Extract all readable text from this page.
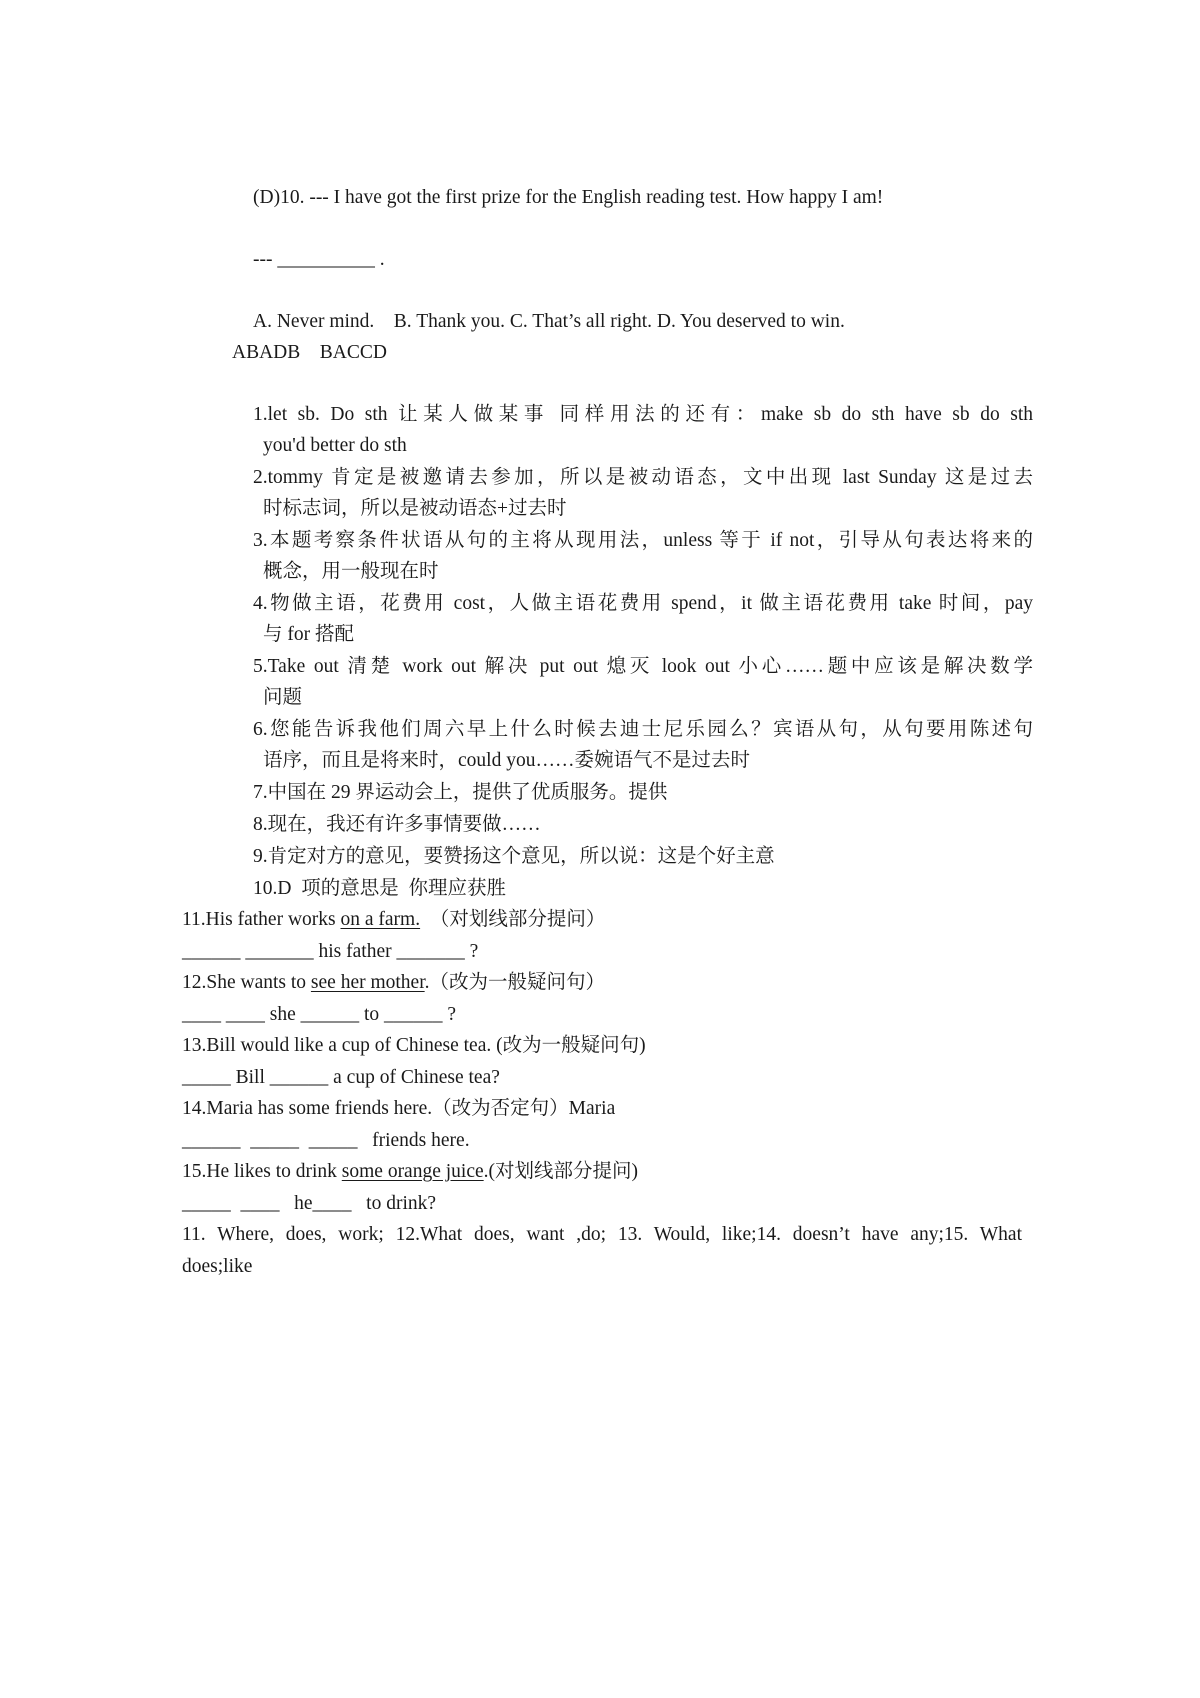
(D)10. --- I have got the first prize for the English reading test. How happy I am!
--- __________ .
A. Never mind.    B. Thank you. C. That’s all right. D. You deserved to win.
ABADB    BACCD
1.let sb. Do sth 让某人做某事 同样用法的还有：make sb do sth have sb do sth
you'd better do sth
2.tommy 肯定是被邀请去参加，所以是被动语态，文中出现 last Sunday 这是过去
时标志词，所以是被动语态+过去时
3.本题考察条件状语从句的主将从现用法，unless 等于 if not，引导从句表达将来的
概念，用一般现在时
4.物做主语，花费用 cost，人做主语花费用 spend，it 做主语花费用 take 时间，pay
与 for 搭配
5.Take out 清楚 work out 解决 put out 熄灭 look out 小心……题中应该是解决数学
问题
6.您能告诉我他们周六早上什么时候去迪士尼乐园么？宾语从句，从句要用陈述句
语序，而且是将来时，could you……委婉语气不是过去时
7.中国在 29 界运动会上，提供了优质服务。提供
8.现在，我还有许多事情要做……
9.肯定对方的意见，要赞扬这个意见，所以说：这是个好主意
10.D  项的意思是  你理应获胜
11.His father works on a farm.  （对划线部分提问）
______ _______ his father _______ ?
12.She wants to see her mother.（改为一般疑问句）
____ ____ she ______ to ______ ?
13.Bill would like a cup of Chinese tea. (改为一般疑问句)
_____ Bill ______ a cup of Chinese tea?
14.Maria has some friends here.（改为否定句）Maria
______  _____  _____   friends here.
15.He likes to drink some orange juice.(对划线部分提问)
_____  ____   he____   to drink?
11. Where, does, work; 12.What does, want ,do; 13. Would, like;14. doesn’t have any;15. What
does;like
